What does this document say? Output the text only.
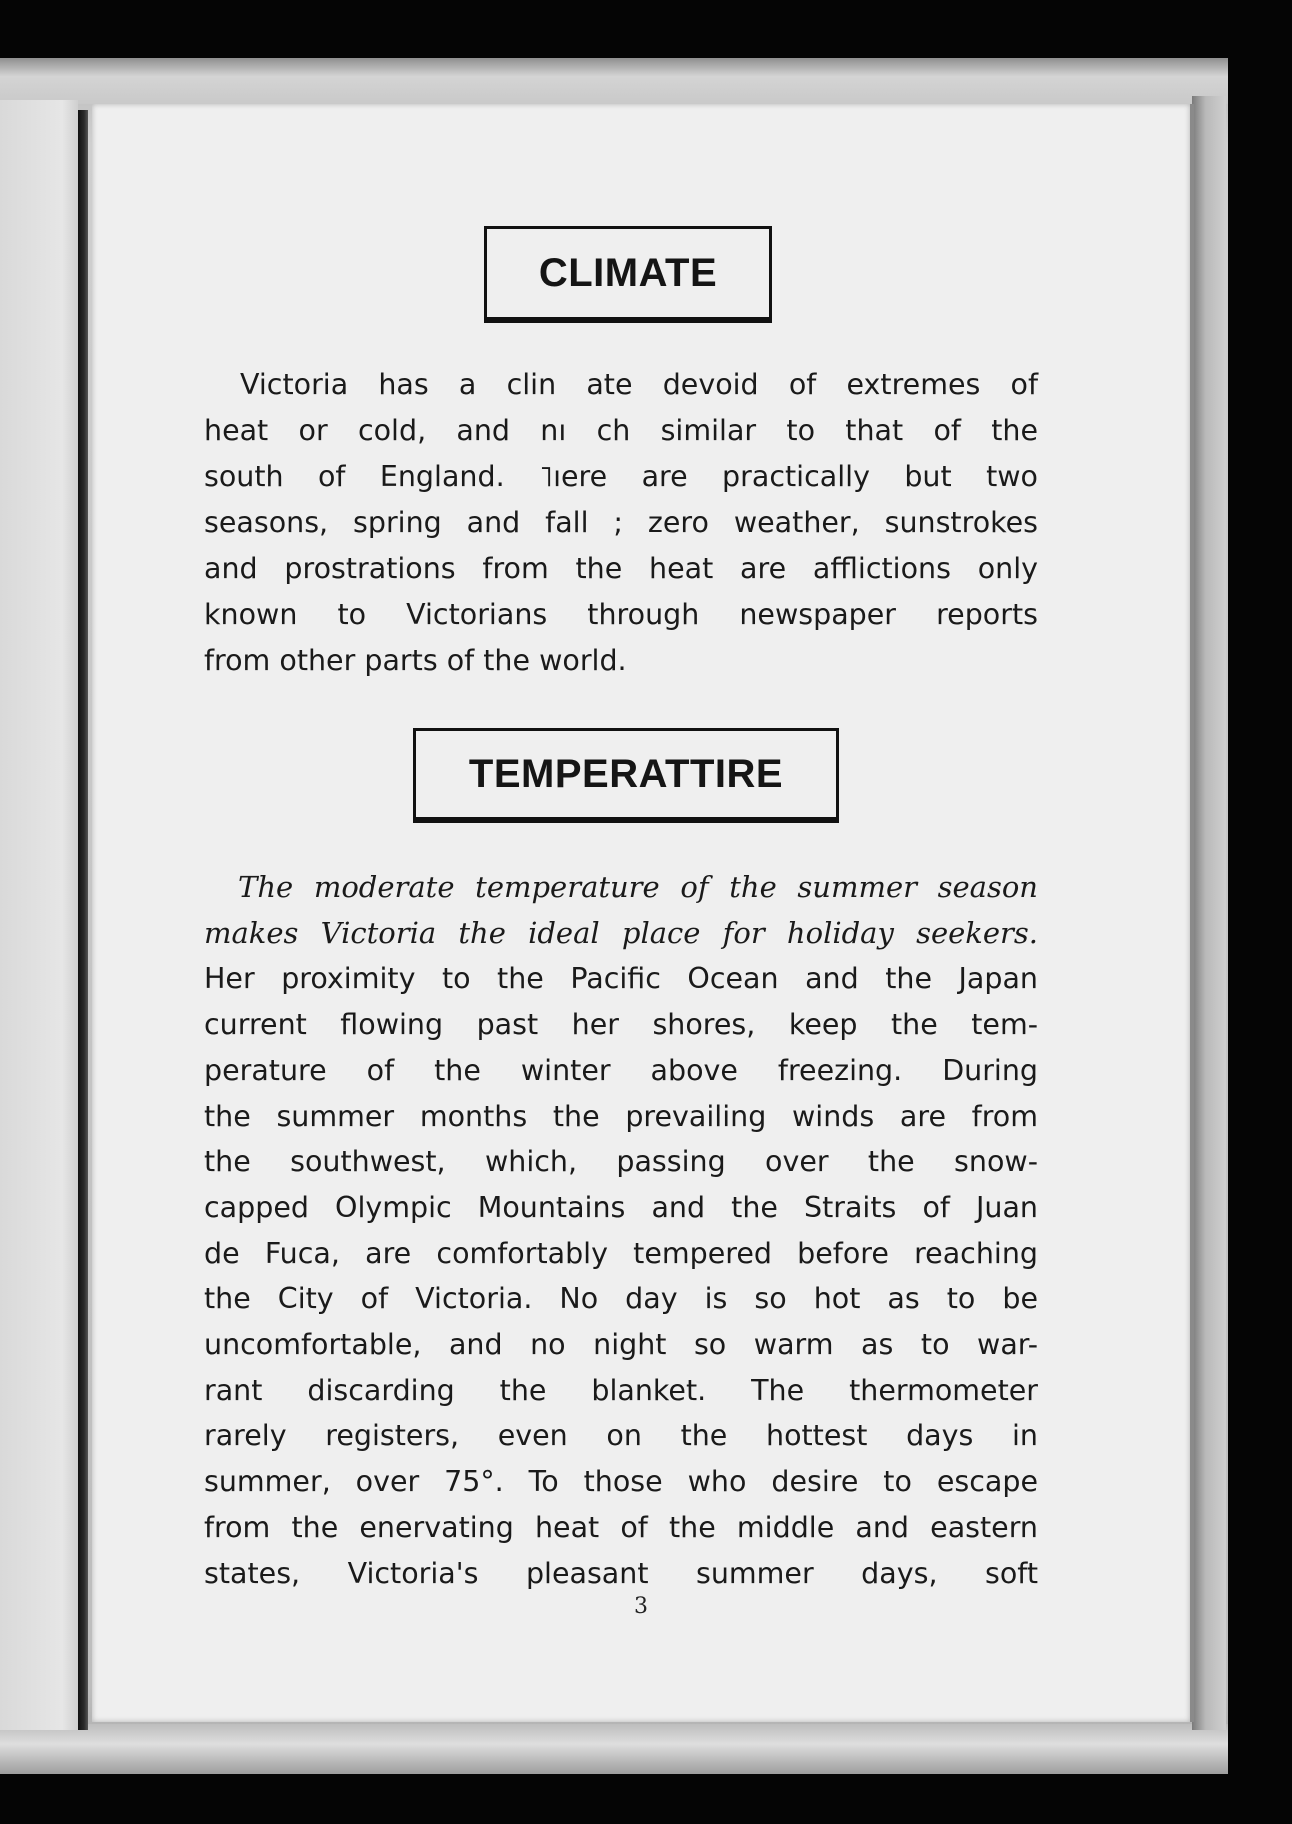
CLIMATE
Victoria has a clin ate devoid of extremes of
heat or cold, and nı ch similar to that of the
south of England. ˥ıere are practically but two
seasons, spring and fall ; zero weather, sunstrokes
and prostrations from the heat are afflictions only
known to Victorians through newspaper reports
from other parts of the world.
TEMPERATTΙRE
The moderate temperature of the summer season
makes Victoria the ideal place for holiday seekers.
Her proximity to the Pacific Ocean and the Japan
current flowing past her shores, keep the tem-
perature of the winter above freezing. During
the summer months the prevailing winds are from
the southwest, which, passing over the snow-
capped Olympic Mountains and the Straits of Juan
de Fuca, are comfortably tempered before reaching
the City of Victoria. No day is so hot as to be
uncomfortable, and no night so warm as to war-
rant discarding the blanket. The thermometer
rarely registers, even on the hottest days in
summer, over 75°. To those who desire to escape
from the enervating heat of the middle and eastern
states, Victoria's pleasant summer days, soft
3
